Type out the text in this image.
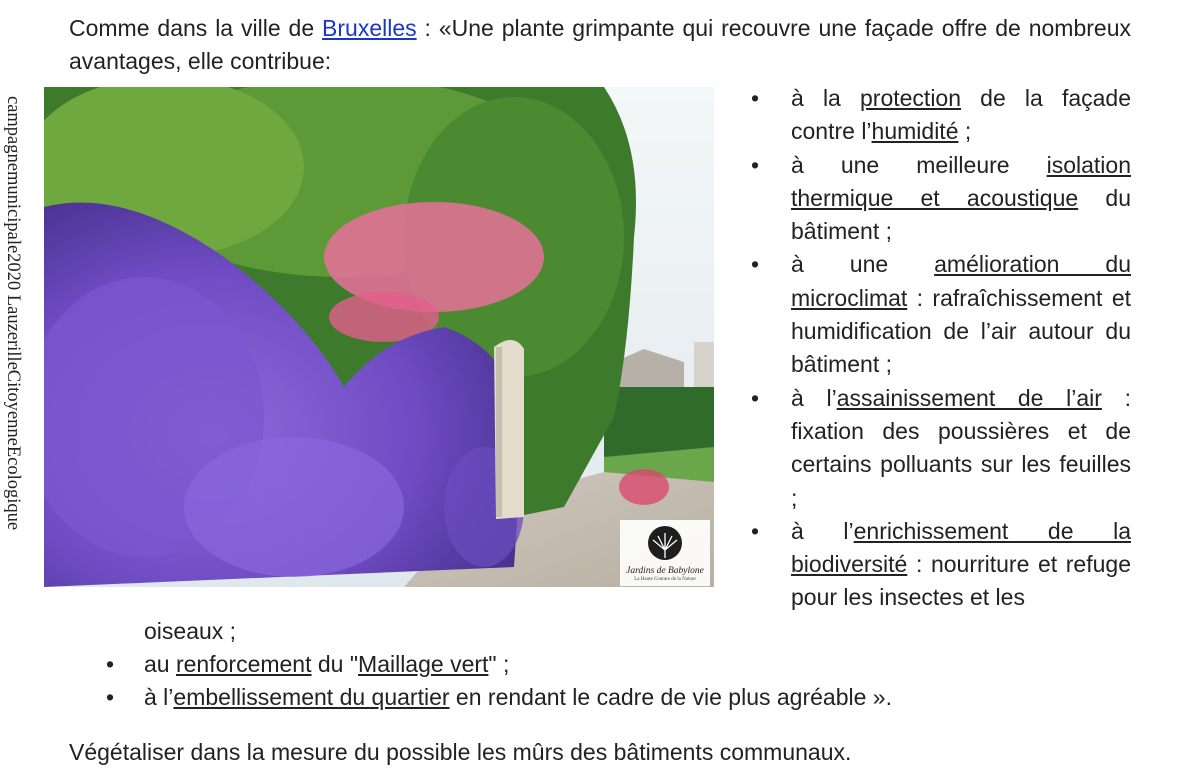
campagnemunicipale2020 LauzerilleCitoyenneEcologique

Comme dans la ville de Bruxelles : «Une plante grimpante qui recouvre une façade offre de nombreux avantages, elle contribue:

Jardins de Babylone
La Haute Couture de la Nature
• à la protection de la façade contre l’humidité ;
• à une meilleure isolation thermique et acoustique du bâtiment ;
• à une amélioration du microclimat : rafraîchissement et humidification de l’air autour du bâtiment ;
• à l’assainissement de l’air : fixation des poussières et de certains polluants sur les feuilles ;
• à l’enrichissement de la biodiversité : nourriture et refuge pour les insectes et les

oiseaux ;

• au renforcement du "Maillage vert" ;
• à l’embellissement du quartier en rendant le cadre de vie plus agréable ».

Végétaliser dans la mesure du possible les mûrs des bâtiments communaux.
